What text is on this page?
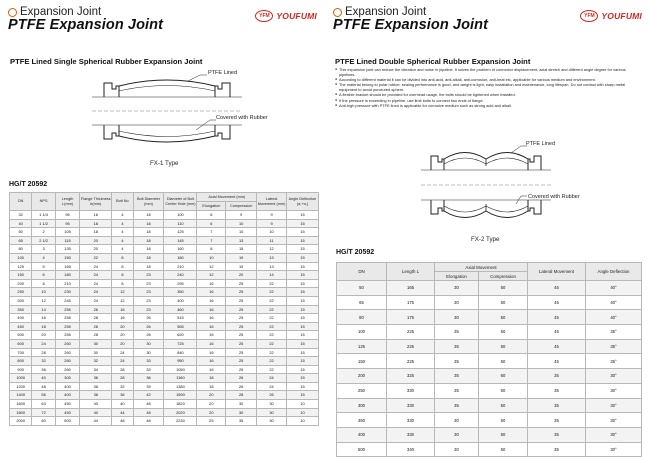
Expansion Joint
PTFE Expansion Joint
YFM YOUFUMI
PTFE Lined Single Spherical Rubber Expansion Joint
PTFE Lined
Covered with Rubber
FX-1 Type
HG/T 20592
DN	NPS	Length L(mm)	Flange Thickness b(mm)	Bolt No	Bolt Diameter (mm)	Diameter of Bolt Center Hole (mm)	Axial Movement (mm)		Lateral Movement (mm)	Angle Deflection (α,+α,)
							Elongation	Compression		
32	1 1/4	95	16	4	18	100	6	9	9	15
40	1 1/2	95	18	4	18	110	6	10	9	15
50	2	105	18	4	18	125	7	10	10	15
65	2 1/2	115	20	4	18	145	7	13	11	15
80	3	135	20	4	18	160	8	15	12	15
100	4	150	22	8	18	180	10	19	13	15
125	5	165	24	8	18	210	12	19	13	15
150	6	180	24	8	23	240	12	20	14	15
200	8	210	24	8	23	295	16	25	22	15
250	10	230	24	12	23	350	16	25	22	15
300	12	245	24	12	23	400	16	25	22	15
350	14	255	26	16	23	460	16	25	22	15
400	16	255	28	16	26	515	16	25	22	15
450	18	255	28	20	26	565	16	25	22	15
500	20	255	28	20	26	620	16	25	22	15
600	24	260	30	20	30	725	16	25	22	15
700	28	260	30	24	30	840	16	25	22	15
800	32	260	32	24	33	950	16	25	22	15
900	36	260	34	28	33	1050	16	25	22	15
1000	40	300	36	28	36	1160	18	26	24	15
1200	48	400	38	32	39	1380	18	26	24	15
1400	56	400	38	36	42	1590	20	28	26	15
1600	64	450	40	40	48	1820	20	30	30	10
1800	72	450	40	44	48	2020	20	30	30	10
2000	80	500	44	48	48	2230	25	35	30	10
Expansion Joint
PTFE Expansion Joint
YFM YOUFUMI
PTFE Lined Double Spherical Rubber Expansion Joint
● This expansion joint can reduce the vibration and noise in pipeline. It solves the problem of connector displacement, axial stretch and different angle degree for various pipelines.
● According to different material it can be divided into anti-acid, anti-alkali, anti-corrosion, anti-heat etc, applicable for various medium and environment.
● The material belong to polar rubber, sealing performance is good, and weight is light, easy installation and maintenance, long lifespan. Do not contact with sharp metal equipment to avoid punctured sphere.
● A flexible bracket should be provided for overhead usage, the bolts should be tightened when installed.
● If the pressure is exceeding in pipeline, use limit bolts to connect two ends of flange.
● Anti-high pressure with PTFE lined is applicable for corrosive medium such as strong acid and alkali.
PTFE Lined
Covered with Rubber
FX-2 Type
HG/T 20592
DN	Length L	Axial Movement		Lateral Movement	Angle Deflection
		Elongation	Compression		
50	165	30	50	45	40°
65	175	30	50	45	40°
80	175	30	50	45	40°
100	225	35	50	45	35°
125	225	35	50	45	35°
150	225	35	50	45	35°
200	325	35	60	35	30°
250	330	35	60	35	30°
300	330	35	50	35	30°
350	330	30	50	35	30°
400	330	30	50	35	30°
500	340	30	50	35	30°
